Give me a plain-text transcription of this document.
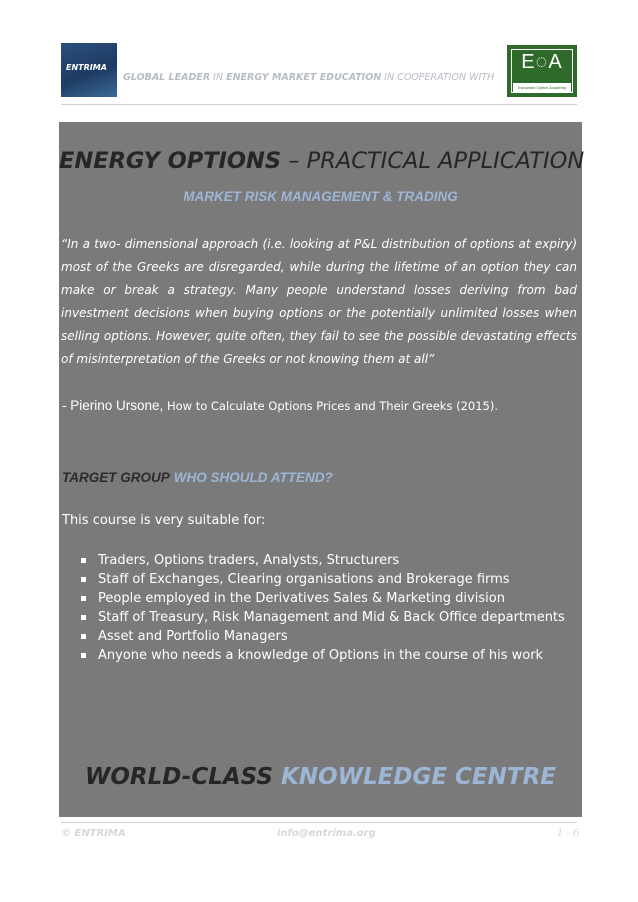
ENTRIMA
GLOBAL LEADER IN ENERGY MARKET EDUCATION IN COOPERATION WITH
E◌A
European Option Academy
ENERGY OPTIONS – PRACTICAL APPLICATION
MARKET RISK MANAGEMENT & TRADING
“In a two- dimensional approach (i.e. looking at P&L distribution of options at expiry) most of the Greeks are disregarded, while during the lifetime of an option they can make or break a strategy. Many people understand losses deriving from bad investment decisions when buying options or the potentially unlimited losses when selling options. However, quite often, they fail to see the possible devastating effects of misinterpretation of the Greeks or not knowing them at all”
- Pierino Ursone, How to Calculate Options Prices and Their Greeks (2015).
TARGET GROUP WHO SHOULD ATTEND?
This course is very suitable for:
Traders, Options traders, Analysts, Structurers
Staff of Exchanges, Clearing organisations and Brokerage firms
People employed in the Derivatives Sales & Marketing division
Staff of Treasury, Risk Management and Mid & Back Office departments
Asset and Portfolio Managers
Anyone who needs a knowledge of Options in the course of his work
WORLD-CLASS KNOWLEDGE CENTRE
© ENTRIMA	info@entrima.org	1 - 6
